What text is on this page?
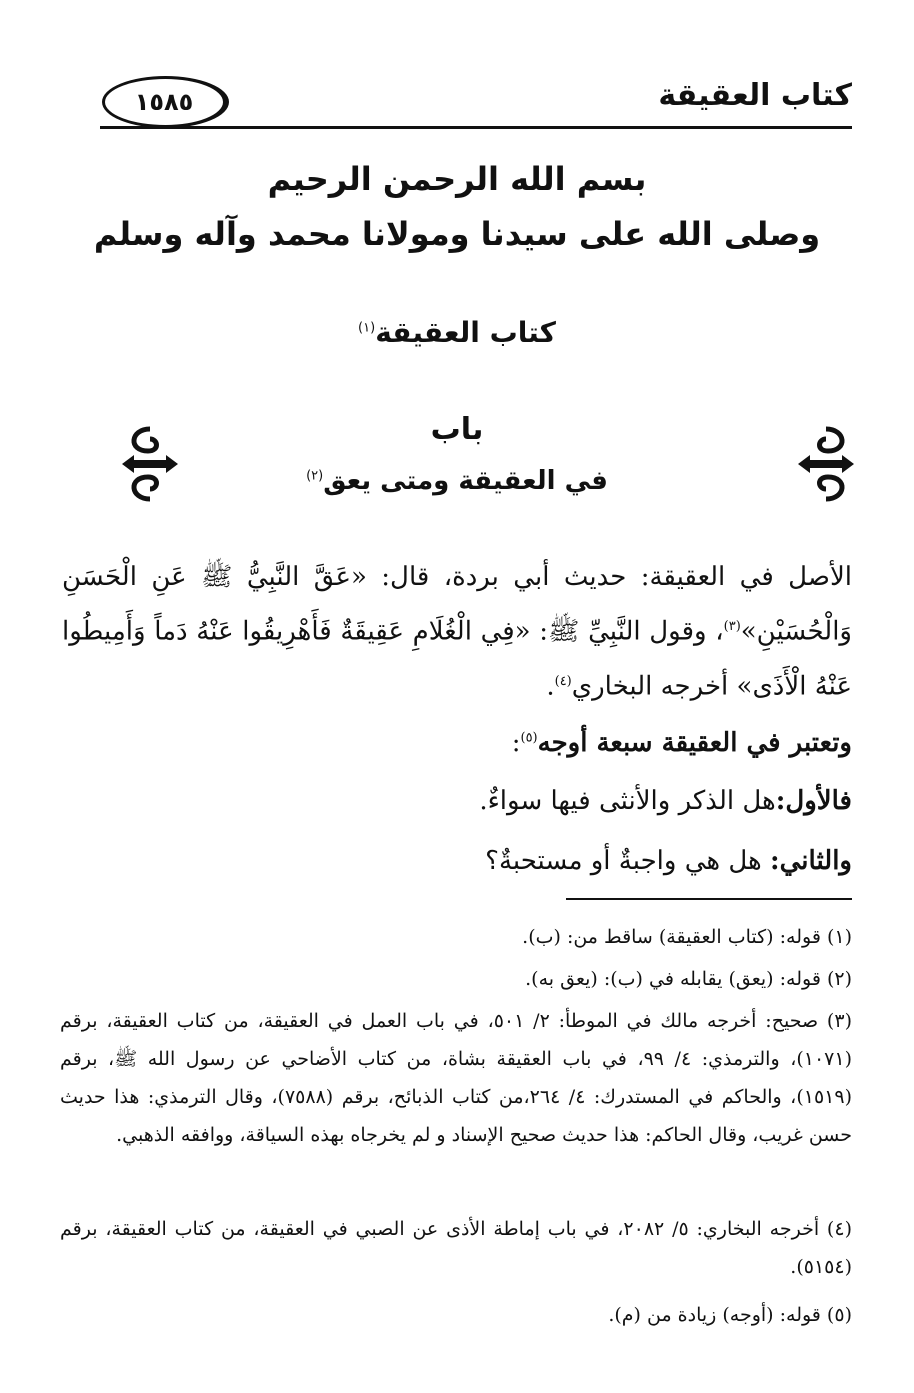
كتاب العقيقة
١٥٨٥
بسم الله الرحمن الرحيم
وصلى الله على سيدنا ومولانا محمد وآله وسلم
كتاب العقيقة$^{(١)}$
باب
في العقيقة ومتى يعق$^{(٢)}$
الأصل في العقيقة: حديث أبي بردة، قال: «عَقَّ النَّبِيُّ ﷺ عَنِ الْحَسَنِ وَالْحُسَيْنِ»$^{(٣)}$، وقول النَّبِيِّ ﷺ: «فِي الْغُلَامِ عَقِيقَةٌ فَأَهْرِيقُوا عَنْهُ دَماً وَأَمِيطُوا عَنْهُ الْأَذَى» أخرجه البخاري$^{(٤)}$.
وتعتبر في العقيقة سبعة أوجه$^{(٥)}$:
فالأول:هل الذكر والأنثى فيها سواءٌ.
والثاني: هل هي واجبةٌ أو مستحبةٌ؟
(١) قوله: (كتاب العقيقة) ساقط من: (ب).
(٢) قوله: (يعق) يقابله في (ب): (يعق به).
(٣) صحيح: أخرجه مالك في الموطأ: ٢/ ٥٠١، في باب العمل في العقيقة، من كتاب العقيقة، برقم (١٠٧١)، والترمذي: ٤/ ٩٩، في باب العقيقة بشاة، من كتاب الأضاحي عن رسول الله ﷺ، برقم (١٥١٩)، والحاكم في المستدرك: ٤/ ٢٦٤،من كتاب الذبائح، برقم (٧٥٨٨)، وقال الترمذي: هذا حديث حسن غريب، وقال الحاكم: هذا حديث صحيح الإسناد و لم يخرجاه بهذه السياقة، ووافقه الذهبي.
(٤) أخرجه البخاري: ٥/ ٢٠٨٢، في باب إماطة الأذى عن الصبي في العقيقة، من كتاب العقيقة، برقم (٥١٥٤).
(٥) قوله: (أوجه) زيادة من (م).
